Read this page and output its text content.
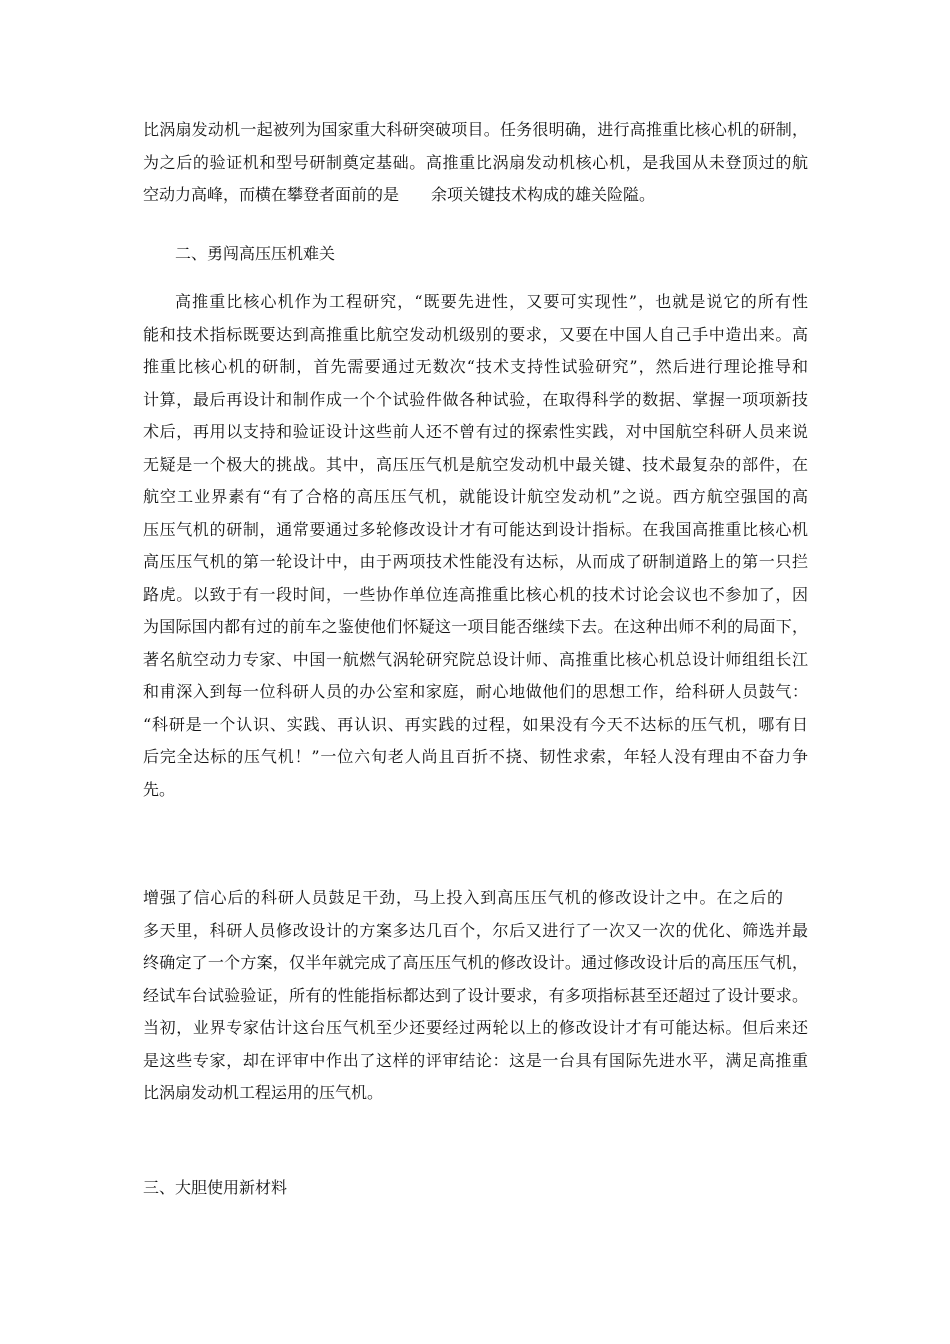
比涡扇发动机一起被列为国家重大科研突破项目。任务很明确，进行高推重比核心机的研制，
为之后的验证机和型号研制奠定基础。高推重比涡扇发动机核心机，是我国从未登顶过的航
空动力高峰，而横在攀登者面前的是　　余项关键技术构成的雄关险隘。
二、勇闯高压压机难关
高推重比核心机作为工程研究，“既要先进性，又要可实现性”，也就是说它的所有性
能和技术指标既要达到高推重比航空发动机级别的要求，又要在中国人自己手中造出来。高
推重比核心机的研制，首先需要通过无数次“技术支持性试验研究”，然后进行理论推导和
计算，最后再设计和制作成一个个试验件做各种试验，在取得科学的数据、掌握一项项新技
术后，再用以支持和验证设计这些前人还不曾有过的探索性实践，对中国航空科研人员来说
无疑是一个极大的挑战。其中，高压压气机是航空发动机中最关键、技术最复杂的部件，在
航空工业界素有“有了合格的高压压气机，就能设计航空发动机”之说。西方航空强国的高
压压气机的研制，通常要通过多轮修改设计才有可能达到设计指标。在我国高推重比核心机
高压压气机的第一轮设计中，由于两项技术性能没有达标，从而成了研制道路上的第一只拦
路虎。以致于有一段时间，一些协作单位连高推重比核心机的技术讨论会议也不参加了，因
为国际国内都有过的前车之鉴使他们怀疑这一项目能否继续下去。在这种出师不利的局面下，
著名航空动力专家、中国一航燃气涡轮研究院总设计师、高推重比核心机总设计师组组长江
和甫深入到每一位科研人员的办公室和家庭，耐心地做他们的思想工作，给科研人员鼓气：
“科研是一个认识、实践、再认识、再实践的过程，如果没有今天不达标的压气机，哪有日
后完全达标的压气机！”一位六旬老人尚且百折不挠、韧性求索，年轻人没有理由不奋力争
先。
增强了信心后的科研人员鼓足干劲，马上投入到高压压气机的修改设计之中。在之后的
多天里，科研人员修改设计的方案多达几百个，尔后又进行了一次又一次的优化、筛选并最
终确定了一个方案，仅半年就完成了高压压气机的修改设计。通过修改设计后的高压压气机，
经试车台试验验证，所有的性能指标都达到了设计要求，有多项指标甚至还超过了设计要求。
当初，业界专家估计这台压气机至少还要经过两轮以上的修改设计才有可能达标。但后来还
是这些专家，却在评审中作出了这样的评审结论：这是一台具有国际先进水平，满足高推重
比涡扇发动机工程运用的压气机。
三、大胆使用新材料
